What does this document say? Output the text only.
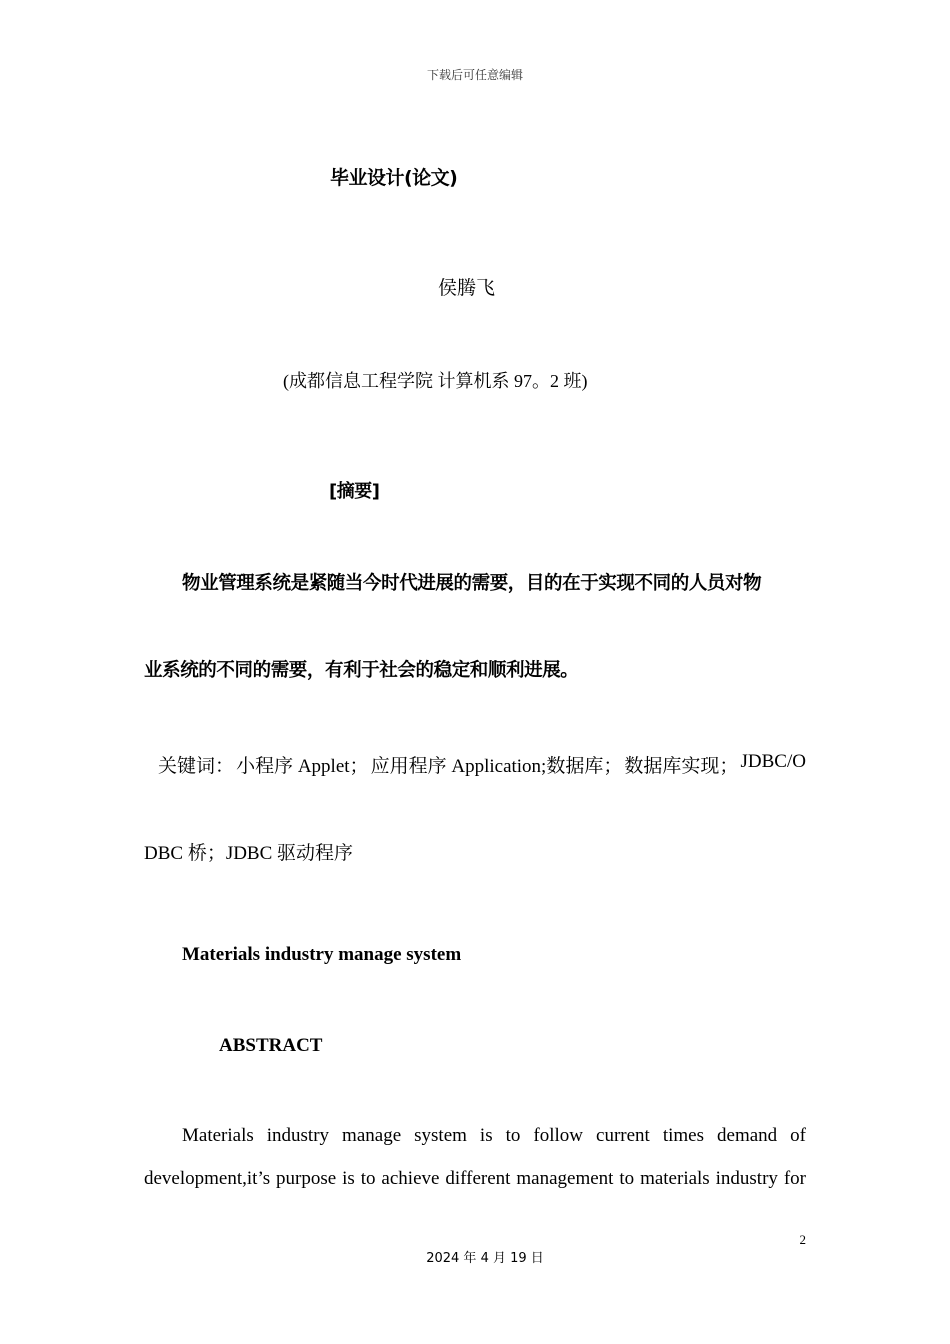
下载后可任意编辑
毕业设计(论文)
侯腾飞
(成都信息工程学院 计算机系 97。2 班)
[摘要]
物业管理系统是紧随当今时代进展的需要，目的在于实现不同的人员对物
业系统的不同的需要，有利于社会的稳定和顺利进展。
关键词： 小程序 Applet； 应用程序 Application;数据库； 数据库实现； JDBC/O
DBC 桥；JDBC 驱动程序
Materials industry manage system
ABSTRACT
Materials industry manage system is to follow current times demand of
development,it’s purpose is to achieve different management to materials industry for
2
2024 年 4 月 19 日
